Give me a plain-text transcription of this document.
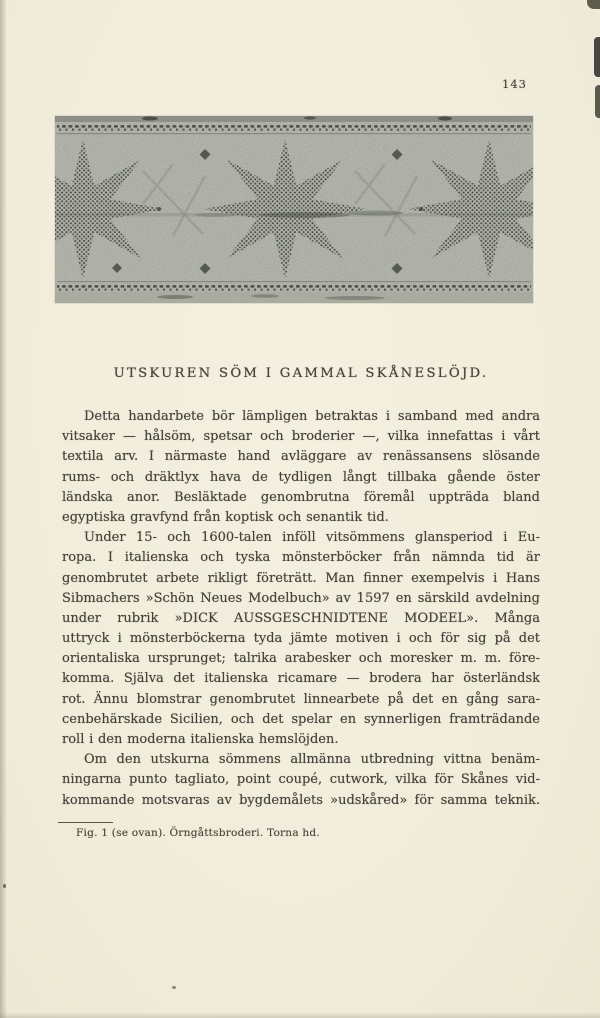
143
UTSKUREN SÖM I GAMMAL SKÅNESLÖJD.
Detta handarbete bör lämpligen betraktas i samband med andra
vitsaker — hålsöm, spetsar och broderier —, vilka innefattas i vårt
textila arv. I närmaste hand avläggare av renässansens slösande
rums- och dräktlyx hava de tydligen långt tillbaka gående öster
ländska anor. Besläktade genombrutna föremål uppträda bland
egyptiska gravfynd från koptisk och senantik tid.
Under 15- och 1600-talen inföll vitsömmens glansperiod i Eu-
ropa. I italienska och tyska mönsterböcker från nämnda tid är
genombrutet arbete rikligt företrätt. Man finner exempelvis i Hans
Sibmachers »Schön Neues Modelbuch» av 1597 en särskild avdelning
under rubrik »DICK AUSSGESCHNIDTENE MODEEL». Många
uttryck i mönsterböckerna tyda jämte motiven i och för sig på det
orientaliska ursprunget; talrika arabesker och moresker m. m. före-
komma. Själva det italienska ricamare — brodera har österländsk
rot. Ännu blomstrar genombrutet linnearbete på det en gång sara-
cenbehärskade Sicilien, och det spelar en synnerligen framträdande
roll i den moderna italienska hemslöjden.
Om den utskurna sömmens allmänna utbredning vittna benäm-
ningarna punto tagliato, point coupé, cutwork, vilka för Skånes vid-
kommande motsvaras av bygdemålets »udskåred» för samma teknik.
Fig. 1 (se ovan). Örngåttsbroderi. Torna hd.
